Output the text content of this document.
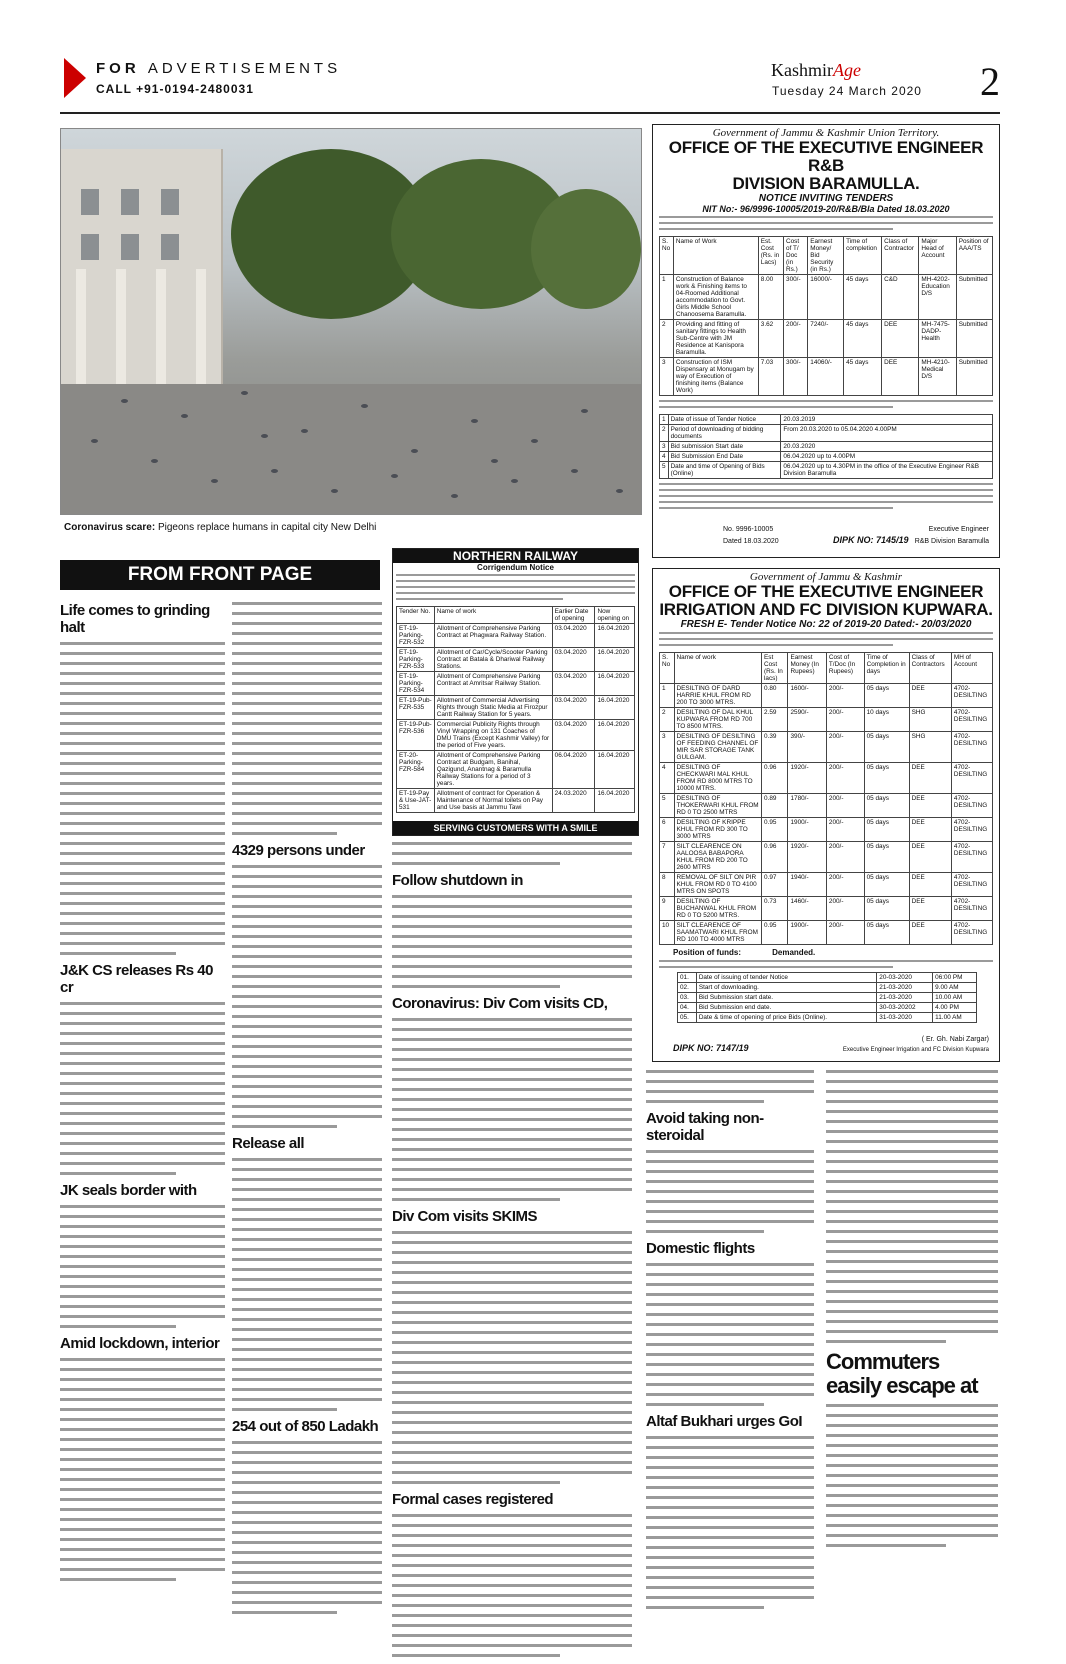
FOR ADVERTISEMENTS
CALL +91-0194-2480031
KashmirAge
Tuesday 24 March 2020 2
Coronavirus scare: Pigeons replace humans in capital city New Delhi
FROM FRONT PAGE
Life comes to grinding halt
J&K CS releases Rs 40 cr
JK seals border with
Amid lockdown, interior
4329 persons under
Release all
254 out of 850 Ladakh
NORTHERN RAILWAY
Corrigendum Notice
Tender No.	Name of work	Earlier Date of opening	Now opening on
ET-19-Parking-FZR-532	Allotment of Comprehensive Parking Contract at Phagwara Railway Station.	03.04.2020	16.04.2020
ET-19-Parking-FZR-533	Allotment of Car/Cycle/Scooter Parking Contract at Batala & Dhariwal Railway Stations.	03.04.2020	16.04.2020
ET-19-Parking-FZR-534	Allotment of Comprehensive Parking Contract at Amritsar Railway Station.	03.04.2020	16.04.2020
ET-19-Pub-FZR-535	Allotment of Commercial Advertising Rights through Static Media at Firozpur Cantt Railway Station for 5 years.	03.04.2020	16.04.2020
ET-19-Pub-FZR-536	Commercial Publicity Rights through Vinyl Wrapping on 131 Coaches of DMU Trains (Except Kashmir Valley) for the period of Five years.	03.04.2020	16.04.2020
ET-20-Parking-FZR-584	Allotment of Comprehensive Parking Contract at Budgam, Banihal, Qazigund, Anantnag & Baramulla Railway Stations for a period of 3 years.	06.04.2020	16.04.2020
ET-19-Pay & Use-JAT-531	Allotment of contract for Operation & Maintenance of Normal toilets on Pay and Use basis at Jammu Tawi	24.03.2020	16.04.2020
SERVING CUSTOMERS WITH A SMILE
Follow shutdown in
Coronavirus: Div Com visits CD,
Div Com visits SKIMS
Formal cases registered
Government of Jammu & Kashmir Union Territory.
OFFICE OF THE EXECUTIVE ENGINEER R&B
DIVISION BARAMULLA.
NOTICE INVITING TENDERS
NIT No:- 96/9996-10005/2019-20/R&B/Bla Dated 18.03.2020
S. No	Name of Work	Est. Cost (Rs. in Lacs)	Cost of T/ Doc (in Rs.)	Earnest Money/ Bid Security (in Rs.)	Time of completion	Class of Contractor	Major Head of Account	Position of AAA/TS
1	Construction of Balance work & Finishing items to 04-Roomed Additional accommodation to Govt. Girls Middle School Chanoosema Baramulla.	8.00	300/-	16000/-	45 days	C&D	MH-4202-Education D/S	Submitted
2	Providing and fitting of sanitary fittings to Health Sub-Centre with JM Residence at Kanispora Baramulla.	3.62	200/-	7240/-	45 days	DEE	MH-7475-DADP-Health	Submitted
3	Construction of ISM Dispensary at Monugam by way of Execution of finishing items (Balance Work)	7.03	300/-	14060/-	45 days	DEE	MH-4210-Medical D/S	Submitted
1	Date of issue of Tender Notice	20.03.2019
2	Period of downloading of bidding documents	From 20.03.2020 to 05.04.2020 4.00PM
3	Bid submission Start date	20.03.2020
4	Bid Submission End Date	06.04.2020 up to 4.00PM
5	Date and time of Opening of Bids (Online)	06.04.2020 up to 4.30PM in the office of the Executive Engineer R&B Division Baramulla
No. 9996-10005
Dated 18.03.2020	DIPK NO: 7145/19
Executive Engineer
R&B Division Baramulla
Government of Jammu & Kashmir
OFFICE OF THE EXECUTIVE ENGINEER
IRRIGATION AND FC DIVISION KUPWARA.
FRESH E- Tender Notice No: 22 of 2019-20 Dated:- 20/03/2020
S. No	Name of work	Est Cost (Rs. In lacs)	Earnest Money (In Rupees)	Cost of T/Doc (In Rupees)	Time of Completion in days	Class of Contractors	MH of Account
1	DESILTING OF DARD HARRIE KHUL FROM RD 200 TO 3000 MTRS.	0.80	1600/-	200/-	05 days	DEE	4702-DESILTING
2	DESILTING OF DAL KHUL KUPWARA FROM RD 700 TO 8500 MTRS.	2.59	2590/-	200/-	10 days	SHG	4702-DESILTING
3	DESILTING OF DESILTING OF FEEDING CHANNEL OF MIR SAR STORAGE TANK GULGAM.	0.39	390/-	200/-	05 days	SHG	4702-DESILTING
4	DESILTING OF CHECKWARI MAL KHUL FROM RD 8000 MTRS TO 10000 MTRS.	0.96	1920/-	200/-	05 days	DEE	4702-DESILTING
5	DESILTING OF THOKERWARI KHUL FROM RD 0 TO 2500 MTRS	0.89	1780/-	200/-	05 days	DEE	4702-DESILTING
6	DESILTING OF KRIPPE KHUL FROM RD 300 TO 3000 MTRS	0.95	1900/-	200/-	05 days	DEE	4702-DESILTING
7	SILT CLEARENCE ON AALOOSA BABAPORA KHUL FROM RD 200 TO 2600 MTRS	0.96	1920/-	200/-	05 days	DEE	4702-DESILTING
8	REMOVAL OF SILT ON PIR KHUL FROM RD 0 TO 4100 MTRS ON SPOTS	0.97	1940/-	200/-	05 days	DEE	4702-DESILTING
9	DESILTING OF BUCHANWAL KHUL FROM RD 0 TO 5200 MTRS.	0.73	1460/-	200/-	05 days	DEE	4702-DESILTING
10	SILT CLEARENCE OF SAAMATWARI KHUL FROM RD 100 TO 4000 MTRS	0.95	1900/-	200/-	05 days	DEE	4702-DESILTING
Position of funds:	Demanded.
01.	Date of issuing of tender Notice	20-03-2020	06:00 PM
02.	Start of downloading.	21-03-2020	9.00 AM
03.	Bid Submission start date.	21-03-2020	10.00 AM
04.	Bid Submission end date.	30-03-20202	4.00 PM
05.	Date & time of opening of price Bids (Online).	31-03-2020	11.00 AM
DIPK NO: 7147/19
( Er. Gh. Nabi Zargar)
Executive Engineer Irrigation and FC Division Kupwara
Avoid taking non-steroidal
Domestic flights
Altaf Bukhari urges GoI
Commuters easily escape at
